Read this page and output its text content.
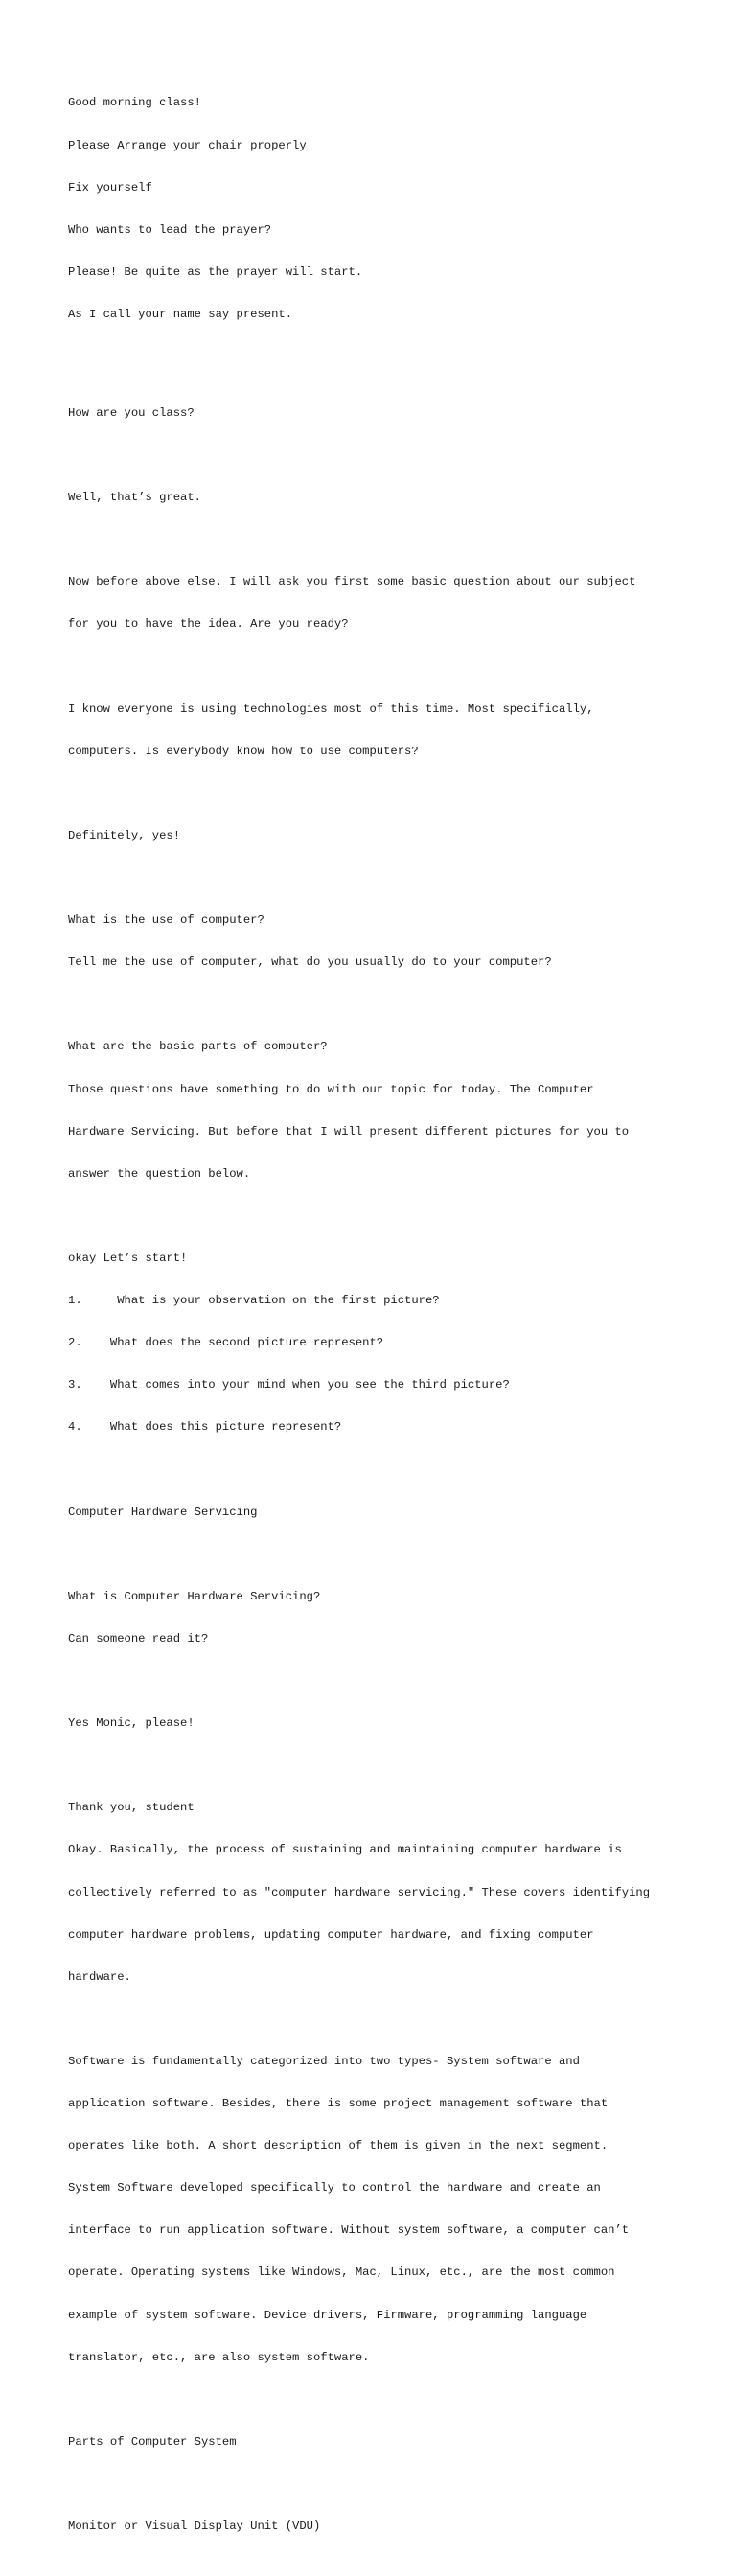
Good morning class!

Please Arrange your chair properly

Fix yourself

Who wants to lead the prayer?

Please! Be quite as the prayer will start.

As I call your name say present.

How are you class?

Well, that’s great.

Now before above else. I will ask you first some basic question about our subject

for you to have the idea. Are you ready?

I know everyone is using technologies most of this time. Most specifically,

computers. Is everybody know how to use computers?

Definitely, yes!

What is the use of computer?

Tell me the use of computer, what do you usually do to your computer?

What are the basic parts of computer?

Those questions have something to do with our topic for today. The Computer

Hardware Servicing. But before that I will present different pictures for you to

answer the question below.

okay Let’s start!

1.     What is your observation on the first picture?

2.    What does the second picture represent?

3.    What comes into your mind when you see the third picture?

4.    What does this picture represent?

Computer Hardware Servicing

What is Computer Hardware Servicing?

Can someone read it?

Yes Monic, please!

Thank you, student

Okay. Basically, the process of sustaining and maintaining computer hardware is

collectively referred to as "computer hardware servicing." These covers identifying

computer hardware problems, updating computer hardware, and fixing computer

hardware.

Software is fundamentally categorized into two types- System software and

application software. Besides, there is some project management software that

operates like both. A short description of them is given in the next segment.

System Software developed specifically to control the hardware and create an

interface to run application software. Without system software, a computer can’t

operate. Operating systems like Windows, Mac, Linux, etc., are the most common

example of system software. Device drivers, Firmware, programming language

translator, etc., are also system software.

Parts of Computer System

Monitor or Visual Display Unit (VDU)
